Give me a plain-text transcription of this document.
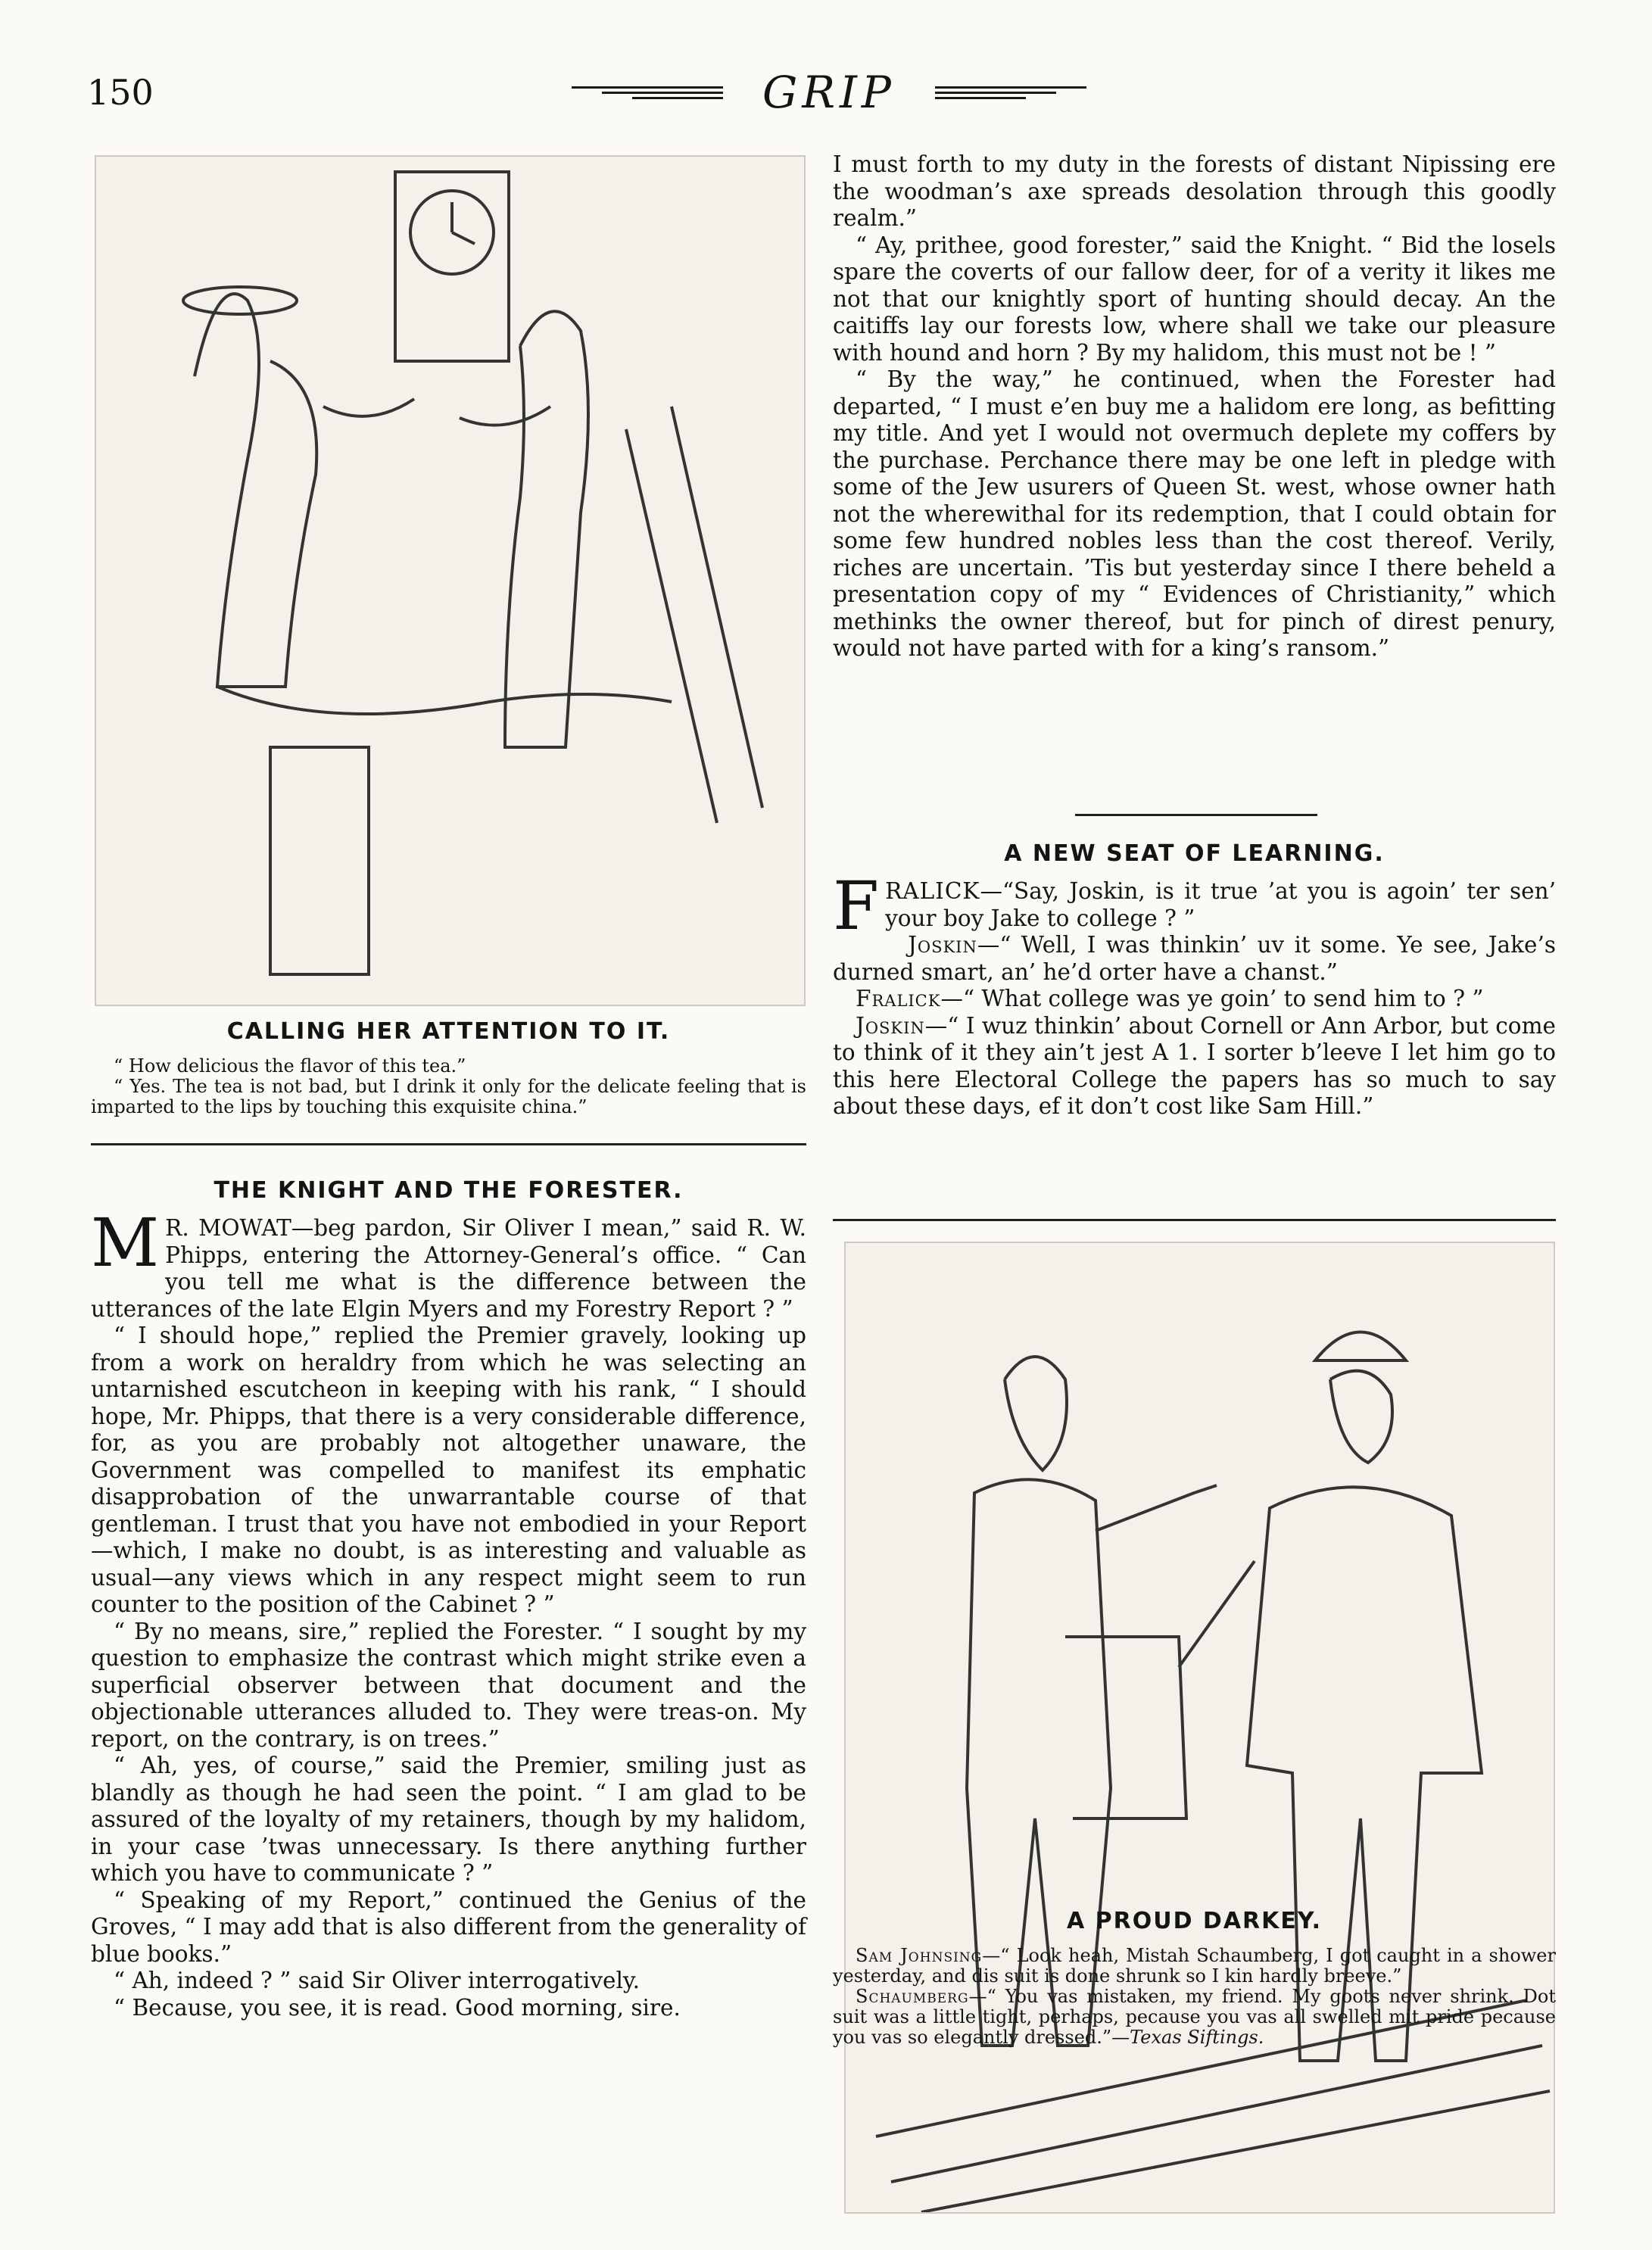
150	GRIP
CALLING HER ATTENTION TO IT.

“ How delicious the flavor of this tea.”

“ Yes. The tea is not bad, but I drink it only for the delicate feeling that is imparted to the lips by touching this exquisite china.”

THE KNIGHT AND THE FORESTER.

M R. MOWAT—beg pardon, Sir Oliver I mean,” said R. W. Phipps, entering the Attorney-General’s office. “ Can you tell me what is the difference between the utterances of the late Elgin Myers and my Forestry Report ? ”

“ I should hope,” replied the Premier gravely, looking up from a work on heraldry from which he was selecting an untarnished escutcheon in keeping with his rank, “ I should hope, Mr. Phipps, that there is a very considerable difference, for, as you are probably not altogether unaware, the Government was compelled to manifest its emphatic disapprobation of the unwarrantable course of that gentleman. I trust that you have not embodied in your Report—which, I make no doubt, is as interesting and valuable as usual—any views which in any respect might seem to run counter to the position of the Cabinet ? ”

“ By no means, sire,” replied the Forester. “ I sought by my question to emphasize the contrast which might strike even a superficial observer between that document and the objectionable utterances alluded to. They were treas-on. My report, on the contrary, is on trees.”

“ Ah, yes, of course,” said the Premier, smiling just as blandly as though he had seen the point. “ I am glad to be assured of the loyalty of my retainers, though by my halidom, in your case ’twas unnecessary. Is there anything further which you have to communicate ? ”

“ Speaking of my Report,” continued the Genius of the Groves, “ I may add that is also different from the generality of blue books.”

“ Ah, indeed ? ” said Sir Oliver interrogatively.

“ Because, you see, it is read. Good morning, sire.

I must forth to my duty in the forests of distant Nipissing ere the woodman’s axe spreads desolation through this goodly realm.”

“ Ay, prithee, good forester,” said the Knight. “ Bid the losels spare the coverts of our fallow deer, for of a verity it likes me not that our knightly sport of hunting should decay. An the caitiffs lay our forests low, where shall we take our pleasure with hound and horn ? By my halidom, this must not be ! ”

“ By the way,” he continued, when the Forester had departed, “ I must e’en buy me a halidom ere long, as befitting my title. And yet I would not overmuch deplete my coffers by the purchase. Perchance there may be one left in pledge with some of the Jew usurers of Queen St. west, whose owner hath not the wherewithal for its redemption, that I could obtain for some few hundred nobles less than the cost thereof. Verily, riches are uncertain. ’Tis but yesterday since I there beheld a presentation copy of my “ Evidences of Christianity,” which methinks the owner thereof, but for pinch of direst penury, would not have parted with for a king’s ransom.”

A NEW SEAT OF LEARNING.

FRALICK—“Say, Joskin, is it true ’at you is agoin’ ter sen’ your boy Jake to college ? ”

Joskin—“ Well, I was thinkin’ uv it some. Ye see, Jake’s durned smart, an’ he’d orter have a chanst.”

Fralick—“ What college was ye goin’ to send him to ? ”

Joskin—“ I wuz thinkin’ about Cornell or Ann Arbor, but come to think of it they ain’t jest A 1. I sorter b’leeve I let him go to this here Electoral College the papers has so much to say about these days, ef it don’t cost like Sam Hill.”

A PROUD DARKEY.

Sam Johnsing—“ Look heah, Mistah Schaumberg, I got caught in a shower yesterday, and dis suit is done shrunk so I kin hardly breeve.”

Schaumberg—“ You vas mistaken, my friend. My goots never shrink. Dot suit was a little tight, perhaps, pecause you vas all swelled mit pride pecause you vas so elegantly dressed.”—Texas Siftings.
